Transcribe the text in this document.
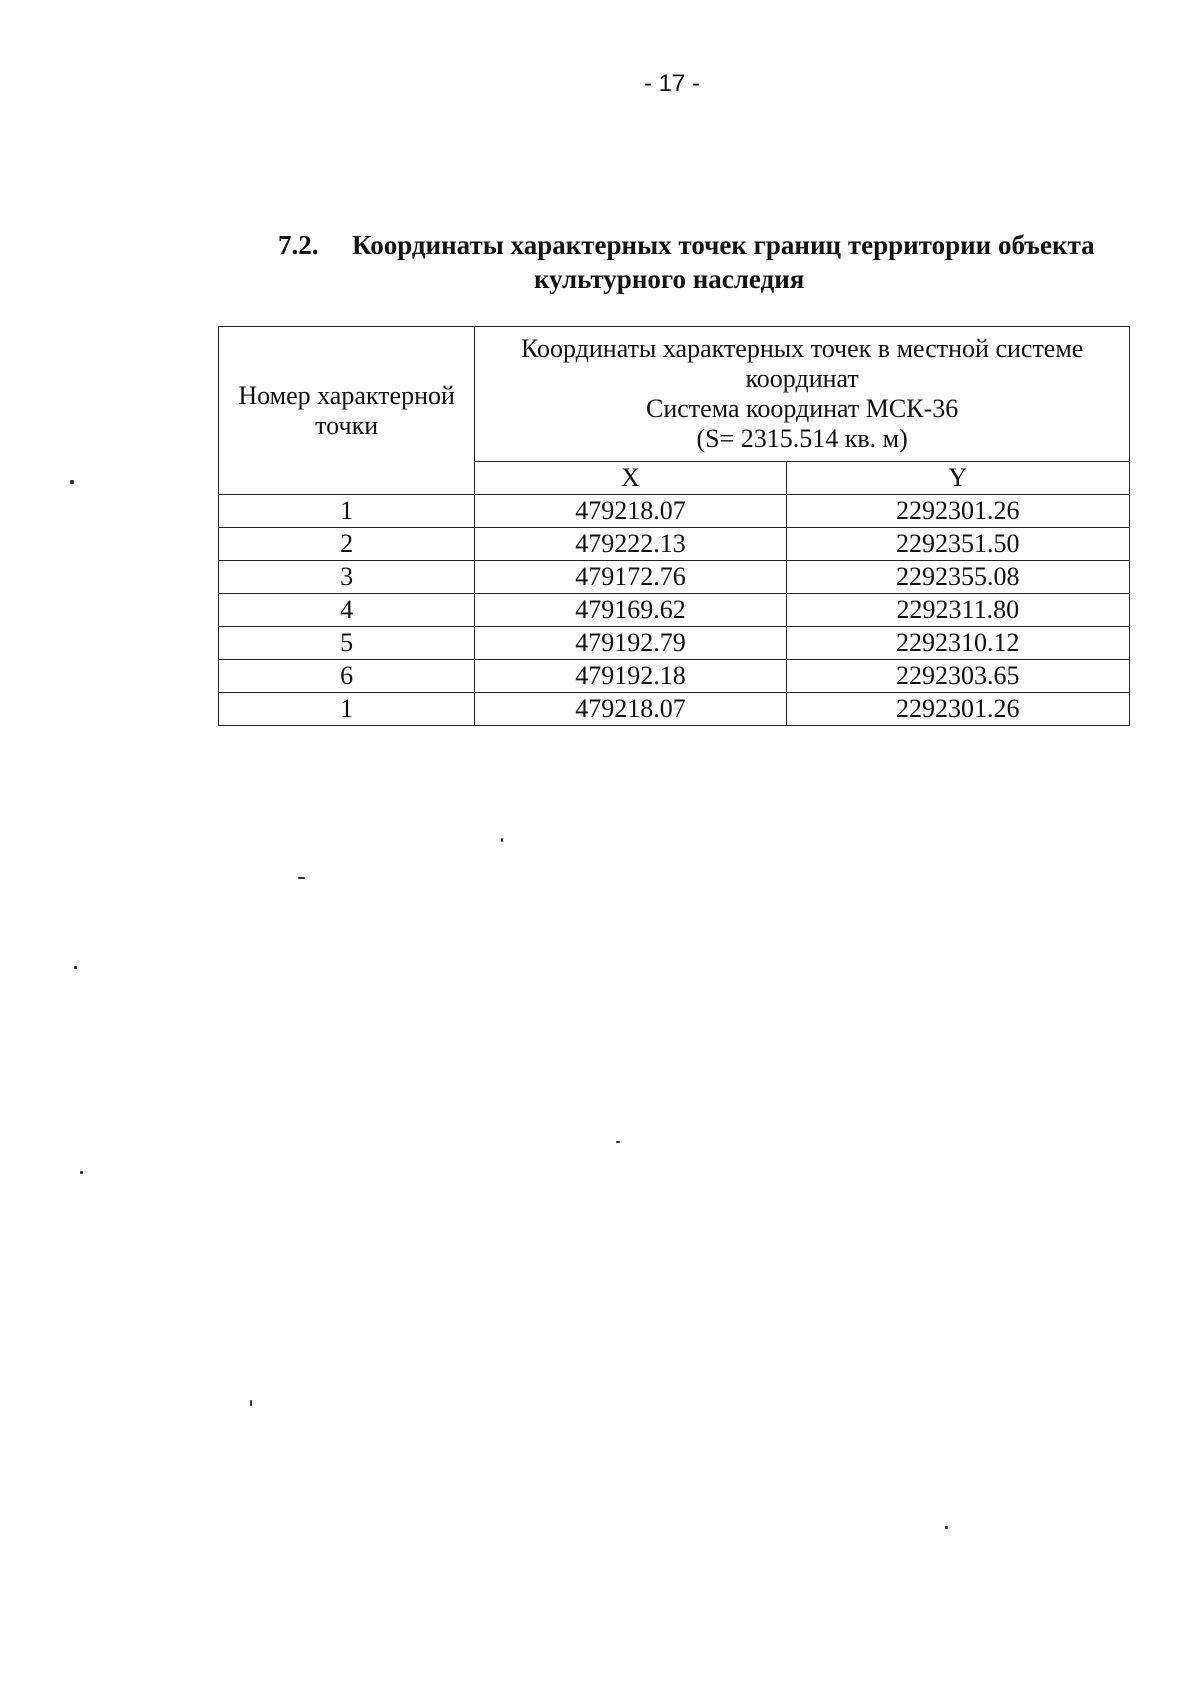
- 17 -
7.2. Координаты характерных точек границ территории объекта
культурного наследия
Номер характерной точки	Координаты характерных точек в местной системе
координат
Система координат МСК-36
(S= 2315.514 кв. м)	

	X	Y
1	479218.07	2292301.26
2	479222.13	2292351.50
3	479172.76	2292355.08
4	479169.62	2292311.80
5	479192.79	2292310.12
6	479192.18	2292303.65
1	479218.07	2292301.26
